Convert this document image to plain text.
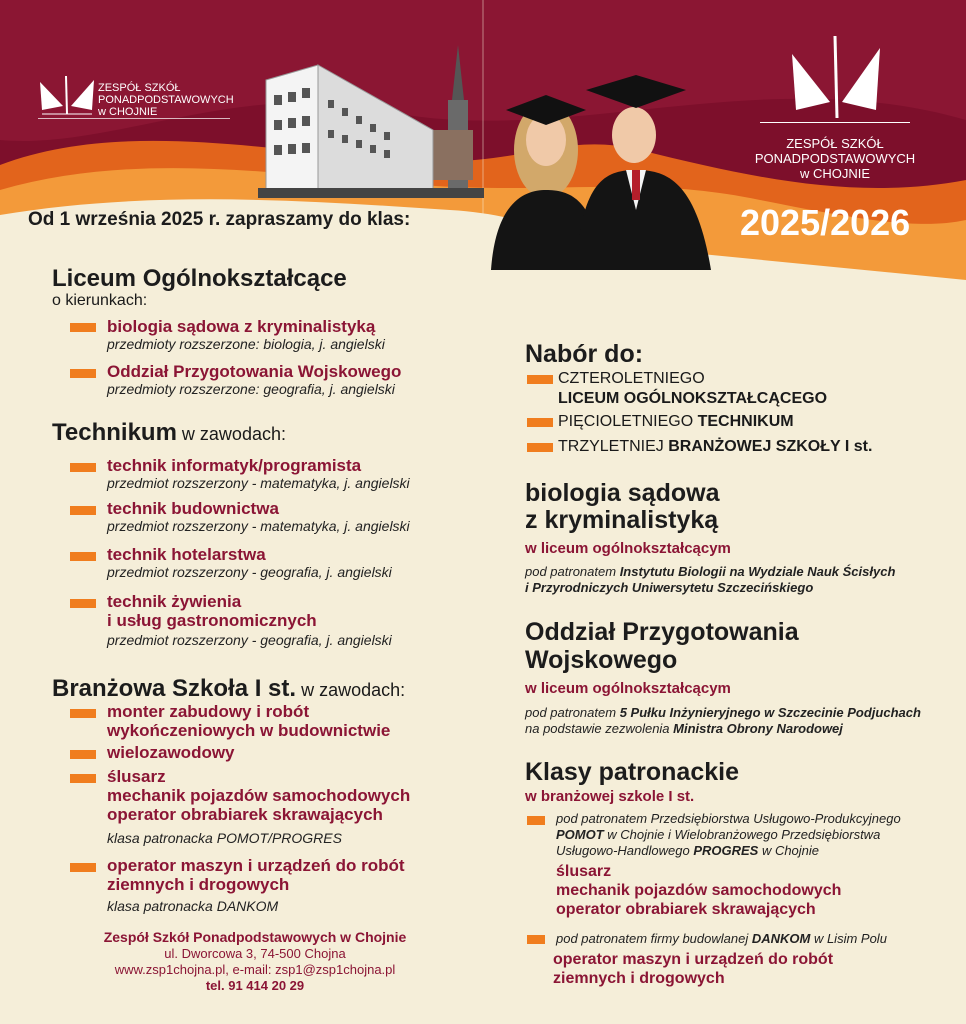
ZESPÓŁ SZKÓŁ
PONADPODSTAWOWYCH
w CHOJNIE
ZESPÓŁ SZKÓŁ
PONADPODSTAWOWYCH
w CHOJNIE
2025/2026
Od 1 września 2025 r. zapraszamy do klas:
Liceum Ogólnokształcące
o kierunkach:
biologia sądowa z kryminalistyką
przedmioty rozszerzone: biologia, j. angielski
Oddział Przygotowania Wojskowego
przedmioty rozszerzone: geografia, j. angielski
Technikum w zawodach:
technik informatyk/programista
przedmiot rozszerzony - matematyka, j. angielski
technik budownictwa
przedmiot rozszerzony - matematyka, j. angielski
technik hotelarstwa
przedmiot rozszerzony - geografia, j. angielski
technik żywienia
i usług gastronomicznych
przedmiot rozszerzony - geografia, j. angielski
Branżowa Szkoła I st. w zawodach:
monter zabudowy i robót
wykończeniowych w budownictwie
wielozawodowy
ślusarz
mechanik pojazdów samochodowych
operator obrabiarek skrawających
klasa patronacka POMOT/PROGRES
operator maszyn i urządzeń do robót
ziemnych i drogowych
klasa patronacka DANKOM
Zespół Szkół Ponadpodstawowych w Chojnie
ul. Dworcowa 3, 74-500 Chojna
www.zsp1chojna.pl, e-mail: zsp1@zsp1chojna.pl
tel. 91 414 20 29
Nabór do:
CZTEROLETNIEGO
LICEUM OGÓLNOKSZTAŁCĄCEGO
PIĘCIOLETNIEGO TECHNIKUM
TRZYLETNIEJ BRANŻOWEJ SZKOŁY I st.
biologia sądowa
z kryminalistyką
w liceum ogólnokształcącym
pod patronatem Instytutu Biologii na Wydziale Nauk Ścisłych
i Przyrodniczych Uniwersytetu Szczecińskiego
Oddział Przygotowania
Wojskowego
w liceum ogólnokształcącym
pod patronatem 5 Pułku Inżynieryjnego w Szczecinie Podjuchach
na podstawie zezwolenia Ministra Obrony Narodowej
Klasy patronackie
w branżowej szkole I st.
pod patronatem Przedsiębiorstwa Usługowo-Produkcyjnego
POMOT w Chojnie i Wielobranżowego Przedsiębiorstwa
Usługowo-Handlowego PROGRES w Chojnie
ślusarz
mechanik pojazdów samochodowych
operator obrabiarek skrawających
pod patronatem firmy budowlanej DANKOM w Lisim Polu
operator maszyn i urządzeń do robót
ziemnych i drogowych
